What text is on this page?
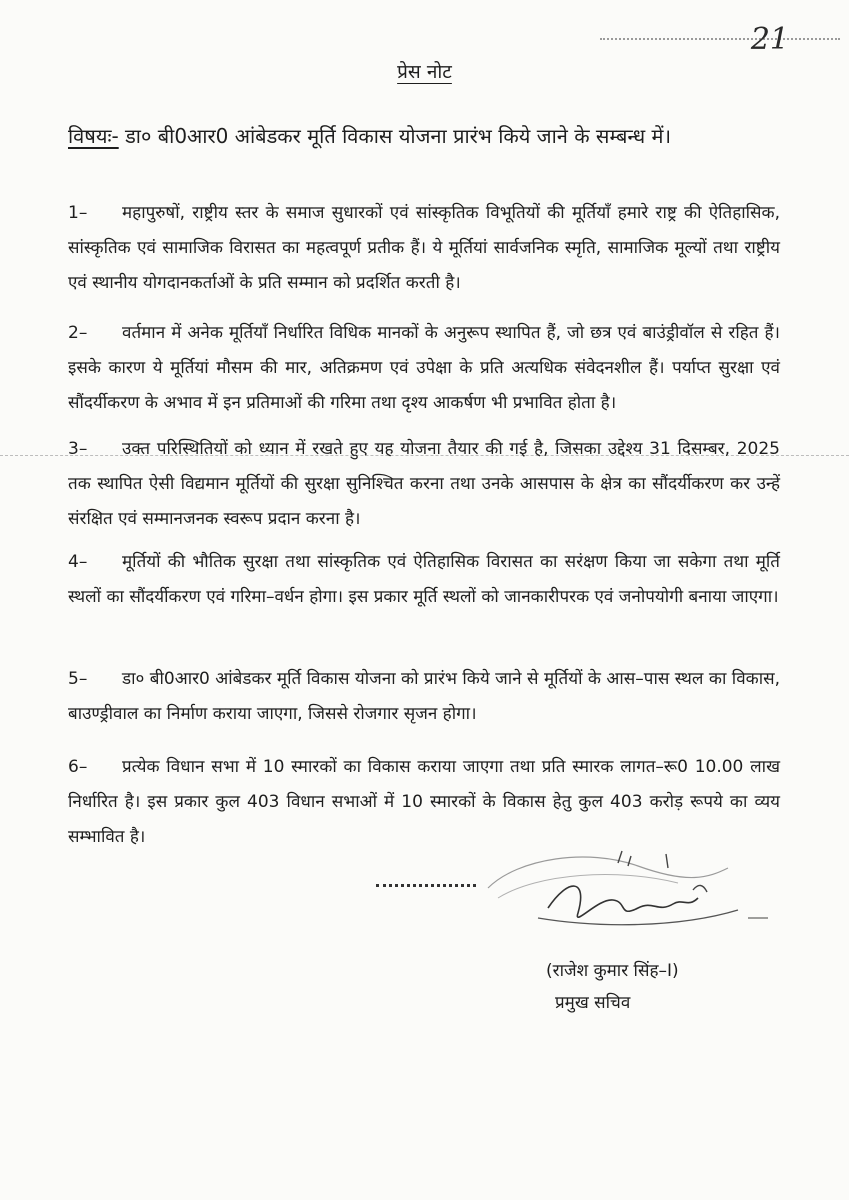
21
प्रेस नोट
विषयः- डा० बी0आर0 आंबेडकर मूर्ति विकास योजना प्रारंभ किये जाने के सम्बन्ध में।
1– महापुरुषों, राष्ट्रीय स्तर के समाज सुधारकों एवं सांस्कृतिक विभूतियों की मूर्तियाँ हमारे राष्ट्र की ऐतिहासिक, सांस्कृतिक एवं सामाजिक विरासत का महत्वपूर्ण प्रतीक हैं। ये मूर्तियां सार्वजनिक स्मृति, सामाजिक मूल्यों तथा राष्ट्रीय एवं स्थानीय योगदानकर्ताओं के प्रति सम्मान को प्रदर्शित करती है।
2– वर्तमान में अनेक मूर्तियाँ निर्धारित विधिक मानकों के अनुरूप स्थापित हैं, जो छत्र एवं बाउंड्रीवॉल से रहित हैं। इसके कारण ये मूर्तियां मौसम की मार, अतिक्रमण एवं उपेक्षा के प्रति अत्यधिक संवेदनशील हैं। पर्याप्त सुरक्षा एवं सौंदर्यीकरण के अभाव में इन प्रतिमाओं की गरिमा तथा दृश्य आकर्षण भी प्रभावित होता है।
3– उक्त परिस्थितियों को ध्यान में रखते हुए यह योजना तैयार की गई है, जिसका उद्देश्य 31 दिसम्बर, 2025 तक स्थापित ऐसी विद्यमान मूर्तियों की सुरक्षा सुनिश्चित करना तथा उनके आसपास के क्षेत्र का सौंदर्यीकरण कर उन्हें संरक्षित एवं सम्मानजनक स्वरूप प्रदान करना है।
4– मूर्तियों की भौतिक सुरक्षा तथा सांस्कृतिक एवं ऐतिहासिक विरासत का सरंक्षण किया जा सकेगा तथा मूर्ति स्थलों का सौंदर्यीकरण एवं गरिमा–वर्धन होगा। इस प्रकार मूर्ति स्थलों को जानकारीपरक एवं जनोपयोगी बनाया जाएगा।
5– डा० बी0आर0 आंबेडकर मूर्ति विकास योजना को प्रारंभ किये जाने से मूर्तियों के आस–पास स्थल का विकास, बाउण्ड्रीवाल का निर्माण कराया जाएगा, जिससे रोजगार सृजन होगा।
6– प्रत्येक विधान सभा में 10 स्मारकों का विकास कराया जाएगा तथा प्रति स्मारक लागत–रू0 10.00 लाख निर्धारित है। इस प्रकार कुल 403 विधान सभाओं में 10 स्मारकों के विकास हेतु कुल 403 करोड़ रूपये का व्यय सम्भावित है।
(राजेश कुमार सिंह–I)
प्रमुख सचिव
